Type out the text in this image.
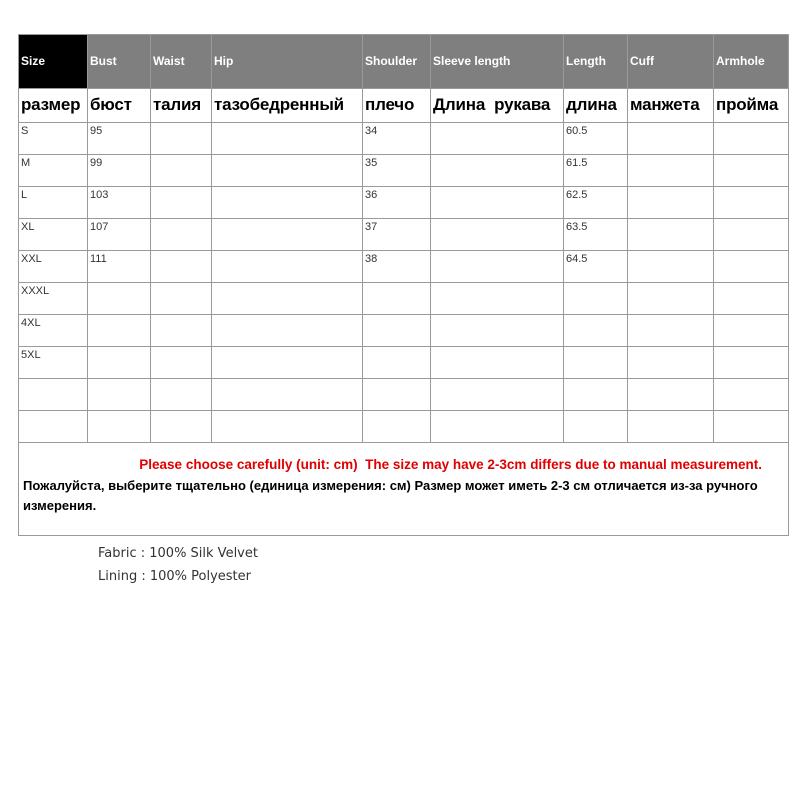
Size	Bust	Waist	Hip	Shoulder	Sleeve length	Length	Cuff	Armhole
размер	бюст	талия	тазобедренный	плечо	Длина  рукава	длина	манжета	пройма
S	95			34		60.5		
M	99			35		61.5		
L	103			36		62.5		
XL	107			37		63.5		
XXL	111			38		64.5		
XXXL								
4XL								
5XL								

Please choose carefully (unit: cm)  The size may have 2-3cm differs due to manual measurement.
Пожалуйста, выберите тщательно (единица измерения: см) Размер может иметь 2-3 см отличается из-за ручного измерения.								
Fabric : 100% Silk Velvet
Lining : 100% Polyester
